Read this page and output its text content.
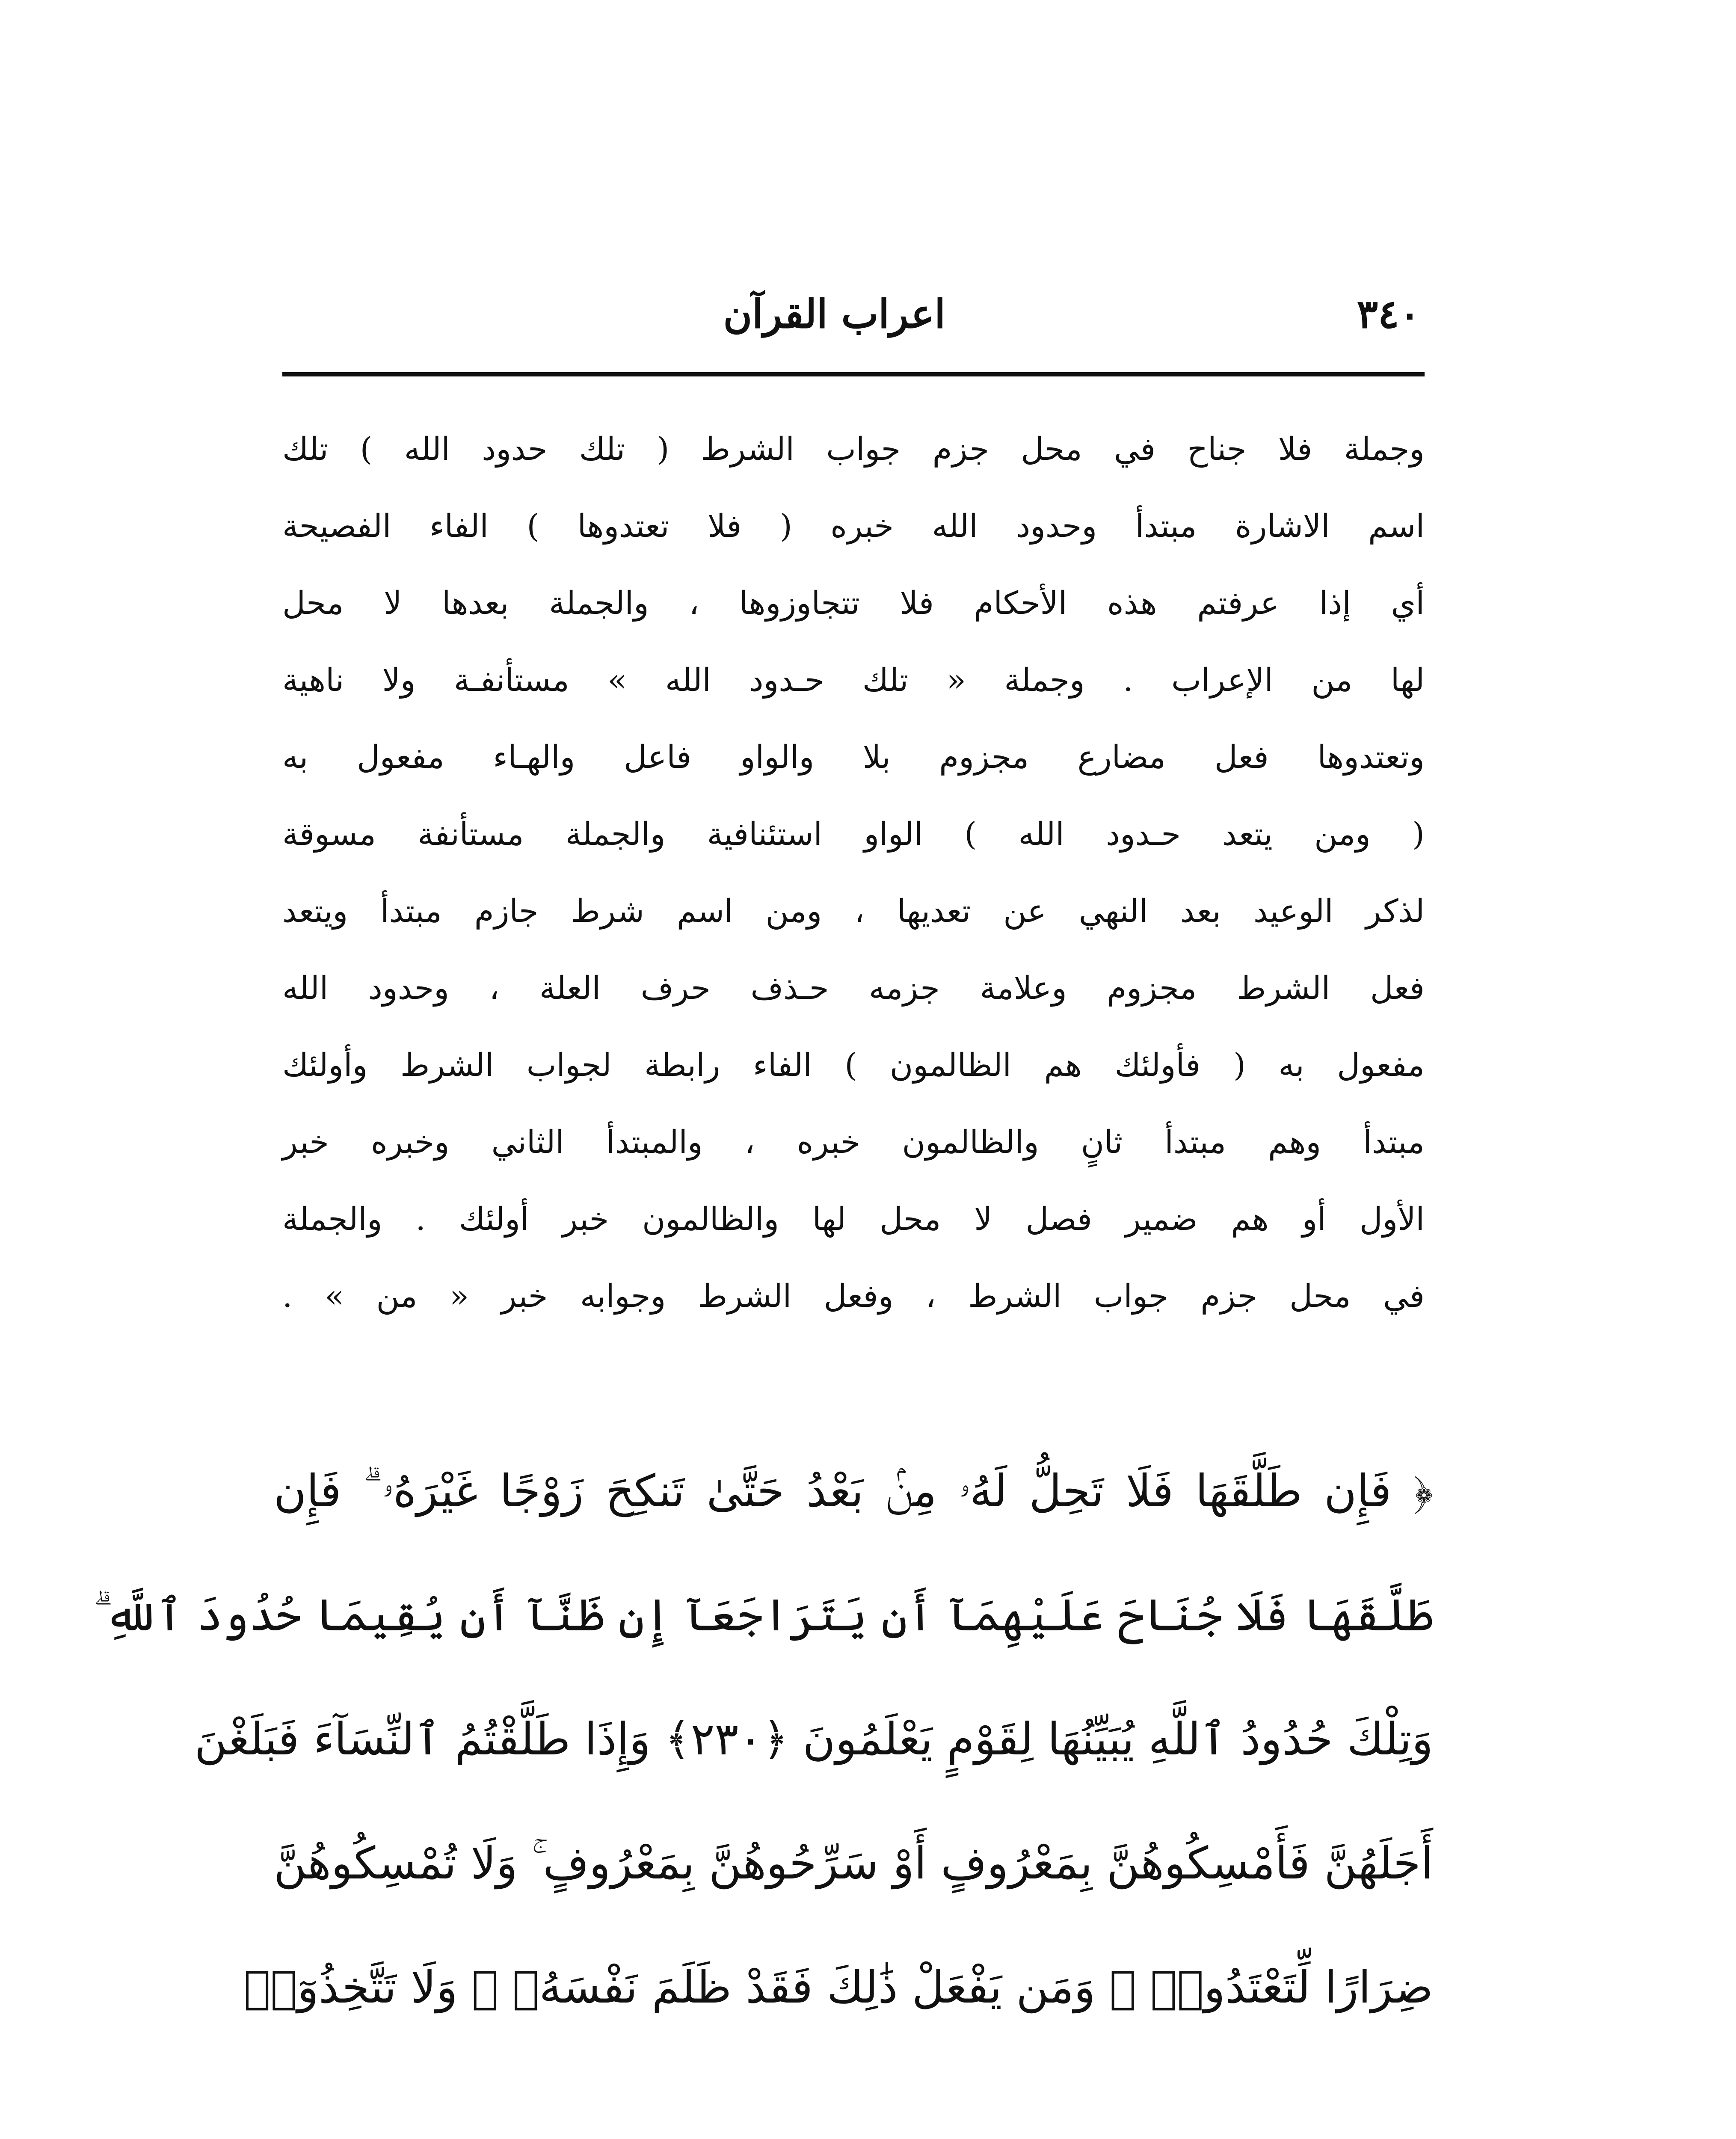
٣٤٠
اعراب القرآن
وجملة فلا جناح في محل جزم جواب الشرط ( تلك حدود الله ) تلك
اسم الاشارة مبتدأ وحدود الله خبره ( فلا تعتدوها ) الفاء الفصيحة
أي إذا عرفتم هذه الأحكام فلا تتجاوزوها ، والجملة بعدها لا محل
لها من الإعراب . وجملة « تلك حـدود الله » مستأنفـة ولا ناهية
وتعتدوها فعل مضارع مجزوم بلا والواو فاعل والهـاء مفعول به
( ومن يتعد حـدود الله ) الواو استئنافية والجملة مستأنفة مسوقة
لذكر الوعيد بعد النهي عن تعديها ، ومن اسم شرط جازم مبتدأ ويتعد
فعل الشرط مجزوم وعلامة جزمه حـذف حرف العلة ، وحدود الله
مفعول به ( فأولئك هم الظالمون ) الفاء رابطة لجواب الشرط وأولئك
مبتدأ وهم مبتدأ ثانٍ والظالمون خبره ، والمبتدأ الثاني وخبره خبر
الأول أو هم ضمير فصل لا محل لها والظالمون خبر أولئك . والجملة
في محل جزم جواب الشرط ، وفعل الشرط وجوابه خبر « من » .
﴿ فَإِن طَلَّقَهَا فَلَا تَحِلُّ لَهُۥ مِنۢ بَعْدُ حَتَّىٰ تَنكِحَ زَوْجًا غَيْرَهُۥ ۗ فَإِن
طَلَّقَهَا فَلَا جُنَاحَ عَلَيْهِمَآ أَن يَتَرَاجَعَآ إِن ظَنَّآ أَن يُقِيمَا حُدُودَ ٱللَّهِ ۗ
وَتِلْكَ حُدُودُ ٱللَّهِ يُبَيِّنُهَا لِقَوْمٍ يَعْلَمُونَ ﴿٢٣٠﴾ وَإِذَا طَلَّقْتُمُ ٱلنِّسَآءَ فَبَلَغْنَ
أَجَلَهُنَّ فَأَمْسِكُوهُنَّ بِمَعْرُوفٍ أَوْ سَرِّحُوهُنَّ بِمَعْرُوفٍ ۚ وَلَا تُمْسِكُوهُنَّ
ضِرَارًا لِّتَعْتَدُوا۟ ۚ وَمَن يَفْعَلْ ذَٰلِكَ فَقَدْ ظَلَمَ نَفْسَهُۥ ۚ وَلَا تَتَّخِذُوٓا۟
